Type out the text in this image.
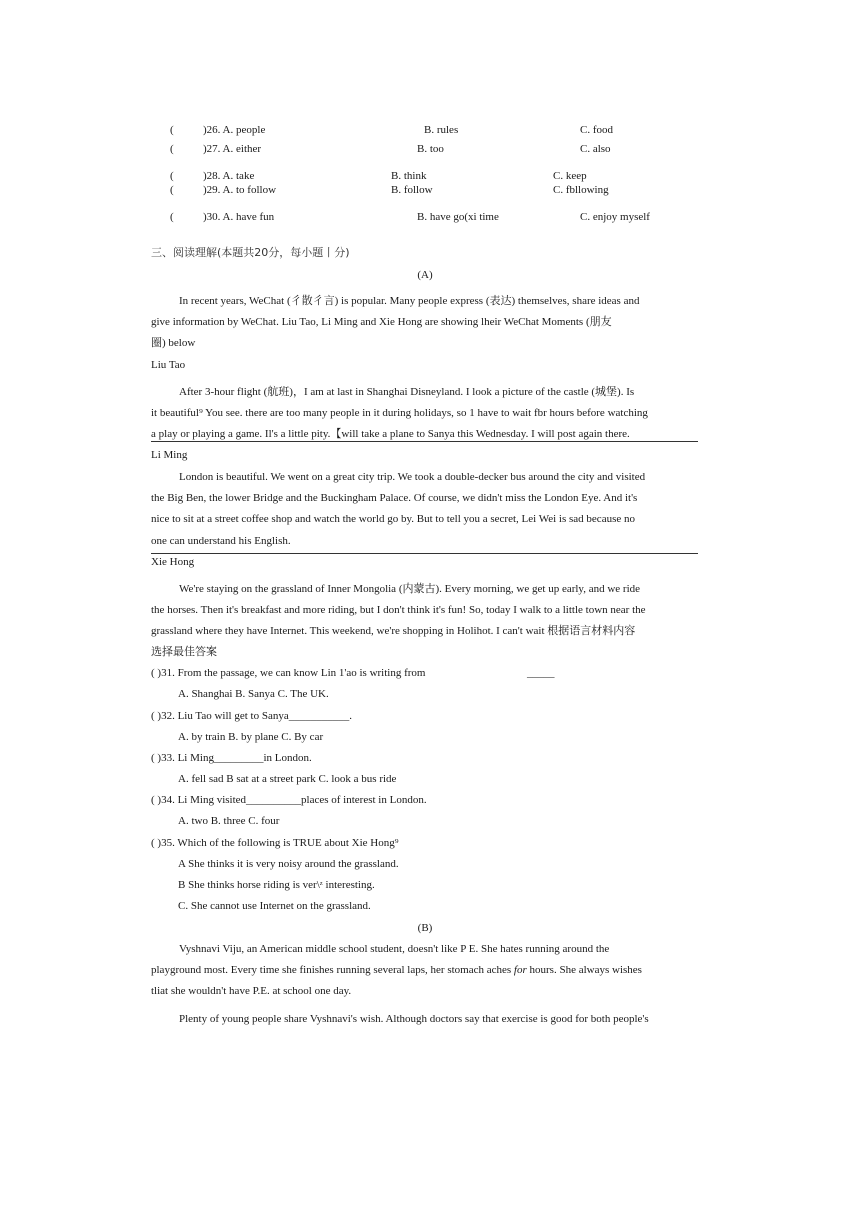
(	)26. A. people	B. rules	C. food
(	)27. A. either	B. too	C. also
(	)28. A. take	B. think	C. keep
(	)29. A. to follow	B. follow	C. fbllowing
(	)30. A. have fun	B. have go(xi time	C. enjoy myself
三、阅读理解(本题共20分，每小题丨分)
(A)
In recent years, WeChat (彳散彳言) is popular. Many people express (表达) themselves, share ideas and
give information by WeChat. Liu Tao, Li Ming and Xie Hong are showing lheir WeChat Moments (朋友
圈) below
Liu Tao
After 3-hour flight (航班)，I am at last in Shanghai Disneyland. I look a picture of the castle (城堡). Is
it beautiful⁹ You see. there are too many people in it during holidays, so 1 have to wait fbr hours before watching
a play or playing a game. Il's a little pity.【will take a plane to Sanya this Wednesday. I will post again there.
Li Ming
London is beautiful. We went on a great city trip. We took a double-decker bus around the city and visited
the Big Ben, the lower Bridge and the Buckingham Palace. Of course, we didn't miss the London Eye. And it's
nice to sit at a street coffee shop and watch the world go by. But to tell you a secret, Lei Wei is sad because no
one can understand his English.
Xie Hong
We're staying on the grassland of Inner Mongolia (内蒙古). Every morning, we get up early, and we ride
the horses. Then it's breakfast and more riding, but I don't think it's fun! So, today I walk to a little town near the
grassland where they have Internet. This weekend, we're shopping in Holihot. I can't wait 根据语言材料内容
选择最佳答案
( )31. From the passage, we can know Lin 1'ao is writing from	_____
A. Shanghai B. Sanya C. The UK.
( )32. Liu Tao will get to Sanya___________.
A. by train B. by plane C. By car
( )33. Li Ming_________in London.
A. fell sad B sat at a street park C. look a bus ride
( )34. Li Ming visited__________places of interest in London.
A. two B. three C. four
( )35. Which of the following is TRUE about Xie Hong⁹
A She thinks it is very noisy around the grassland.
B She thinks horse riding is ver\ᶻ interesting.
C. She cannot use Internet on the grassland.
(B)
Vyshnavi Viju, an American middle school student, doesn't like P E. She hates running around the
playground most. Every time she finishes running several laps, her stomach aches for hours. She always wishes
tliat she wouldn't have P.E. at school one day.
Plenty of young people share Vyshnavi's wish. Although doctors say that exercise is good for both people's
